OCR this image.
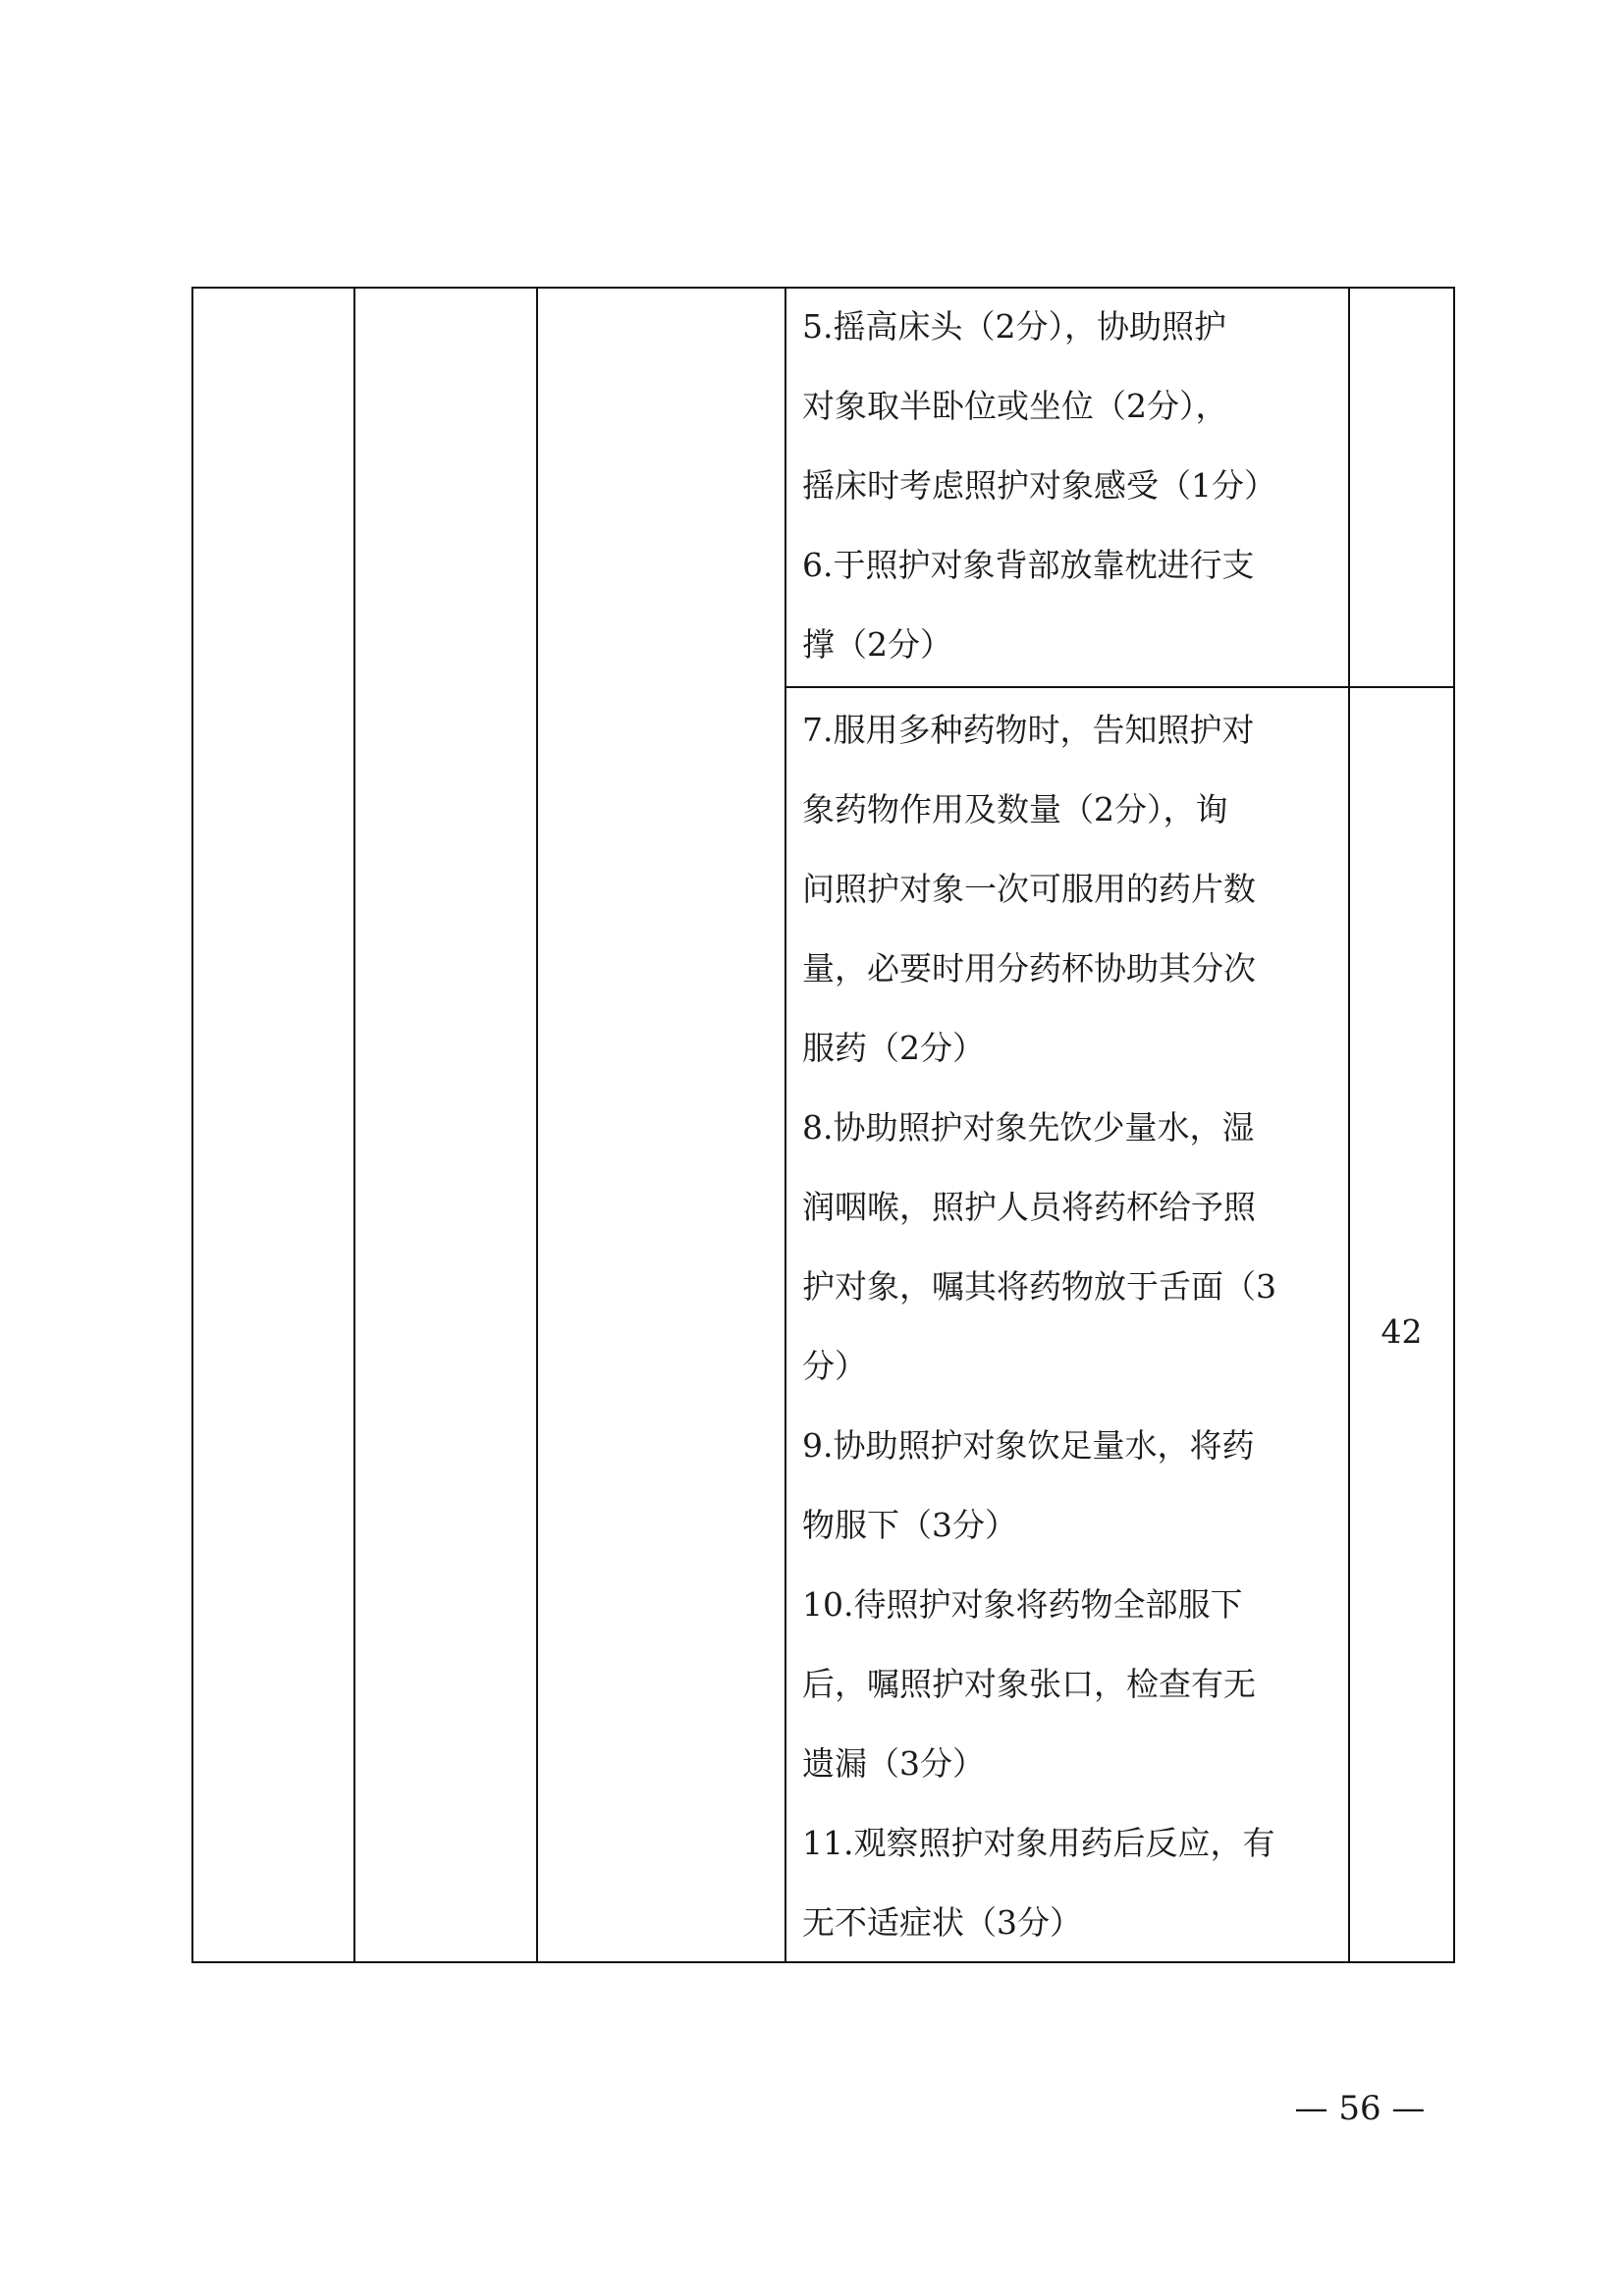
5.摇高床头（2分），协助照护

对象取半卧位或坐位（2分），

摇床时考虑照护对象感受（1分）

6.于照护对象背部放靠枕进行支

撑（2分）

7.服用多种药物时，告知照护对

象药物作用及数量（2分），询

问照护对象一次可服用的药片数

量，必要时用分药杯协助其分次

服药（2分）

8.协助照护对象先饮少量水，湿

润咽喉，照护人员将药杯给予照

护对象，嘱其将药物放于舌面（3

分）

9.协助照护对象饮足量水，将药

物服下（3分）

10.待照护对象将药物全部服下

后，嘱照护对象张口，检查有无

遗漏（3分）

11.观察照护对象用药后反应，有

无不适症状（3分）

42
— 56 —
